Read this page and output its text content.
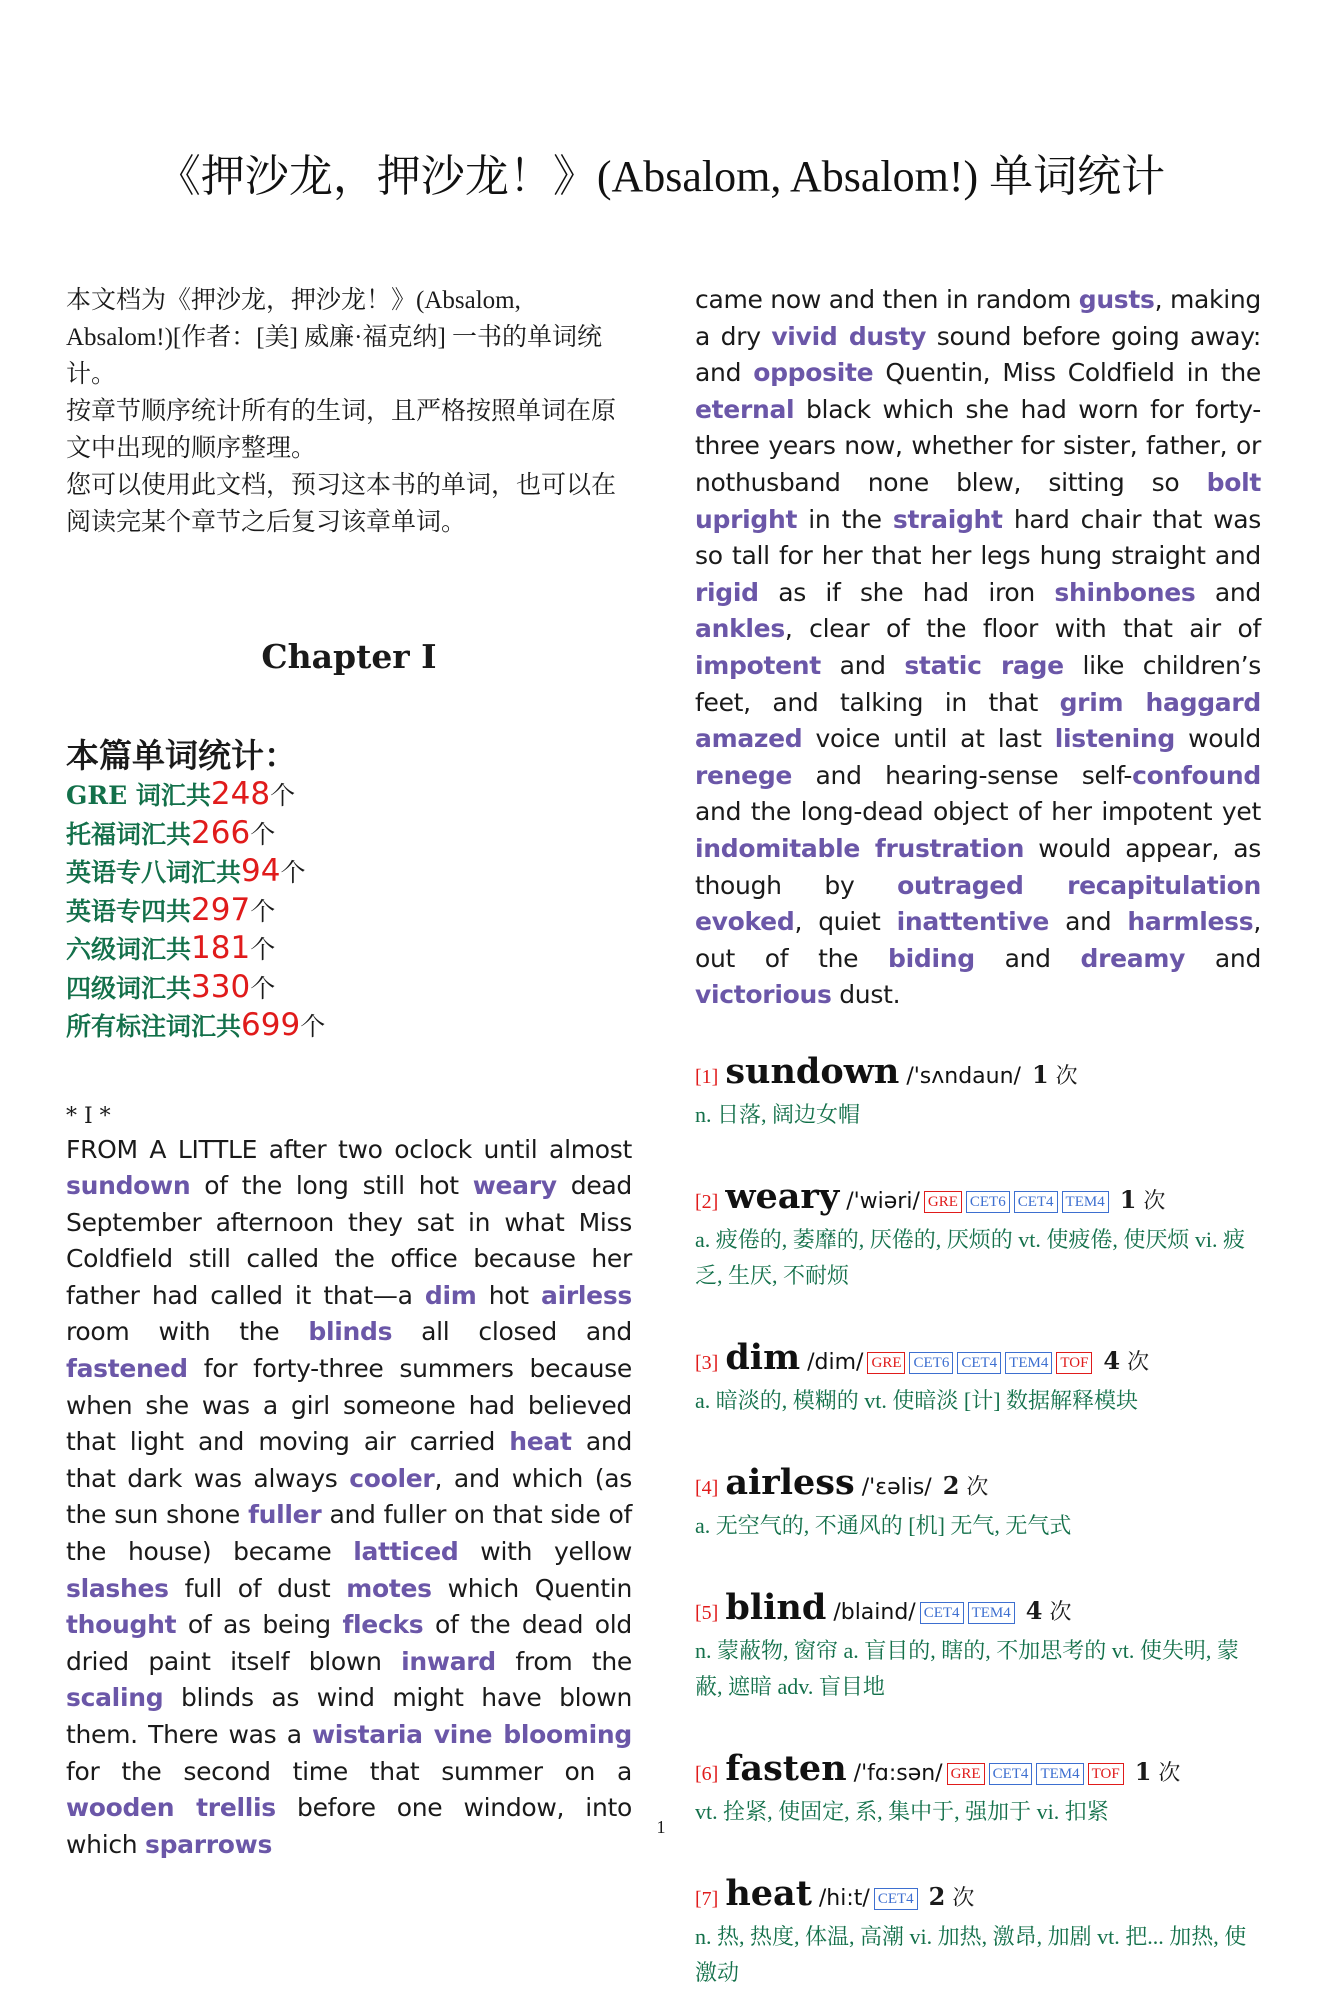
《押沙龙，押沙龙！》(Absalom, Absalom!) 单词统计

本文档为《押沙龙，押沙龙！》(Absalom, Absalom!)[作者：[美] 威廉·福克纳] 一书的单词统计。

按章节顺序统计所有的生词，且严格按照单词在原文中出现的顺序整理。

您可以使用此文档，预习这本书的单词，也可以在阅读完某个章节之后复习该章单词。

Chapter I
本篇单词统计：
GRE 词汇共248个
托福词汇共266个
英语专八词汇共94个
英语专四共297个
六级词汇共181个
四级词汇共330个
所有标注词汇共699个
* I *
FROM A LITTLE after two oclock until almost sundown of the long still hot weary dead September afternoon they sat in what Miss Coldfield still called the office because her father had called it that—a dim hot airless room with the blinds all closed and fastened for forty-three summers because when she was a girl someone had believed that light and moving air carried heat and that dark was always cooler, and which (as the sun shone fuller and fuller on that side of the house) became latticed with yellow slashes full of dust motes which Quentin thought of as being flecks of the dead old dried paint itself blown inward from the scaling blinds as wind might have blown them. There was a wistaria vine blooming for the second time that summer on a wooden trellis before one window, into which sparrows
came now and then in random gusts, making a dry vivid dusty sound before going away: and opposite Quentin, Miss Coldfield in the eternal black which she had worn for forty-three years now, whether for sister, father, or nothusband none blew, sitting so bolt upright in the straight hard chair that was so tall for her that her legs hung straight and rigid as if she had iron shinbones and ankles, clear of the floor with that air of impotent and static rage like children’s feet, and talking in that grim haggard amazed voice until at last listening would renege and hearing-sense self-confound and the long-dead object of her impotent yet indomitable frustration would appear, as though by outraged recapitulation evoked, quiet inattentive and harmless, out of the biding and dreamy and victorious dust.
[1] sundown /'sʌndaun/ 1 次
n. 日落, 阔边女帽
[2] weary /'wiəri/ GRE CET6 CET4 TEM4 1 次
a. 疲倦的, 萎靡的, 厌倦的, 厌烦的 vt. 使疲倦, 使厌烦 vi. 疲乏, 生厌, 不耐烦
[3] dim /dim/ GRE CET6 CET4 TEM4 TOF 4 次
a. 暗淡的, 模糊的 vt. 使暗淡 [计] 数据解释模块
[4] airless /'ɛəlis/ 2 次
a. 无空气的, 不通风的 [机] 无气, 无气式
[5] blind /blaind/ CET4 TEM4 4 次
n. 蒙蔽物, 窗帘 a. 盲目的, 瞎的, 不加思考的 vt. 使失明, 蒙蔽, 遮暗 adv. 盲目地
[6] fasten /'fɑ:sən/ GRE CET4 TEM4 TOF 1 次
vt. 拴紧, 使固定, 系, 集中于, 强加于 vi. 扣紧
[7] heat /hi:t/ CET4 2 次
n. 热, 热度, 体温, 高潮 vi. 加热, 激昂, 加剧 vt. 把... 加热, 使激动
1
